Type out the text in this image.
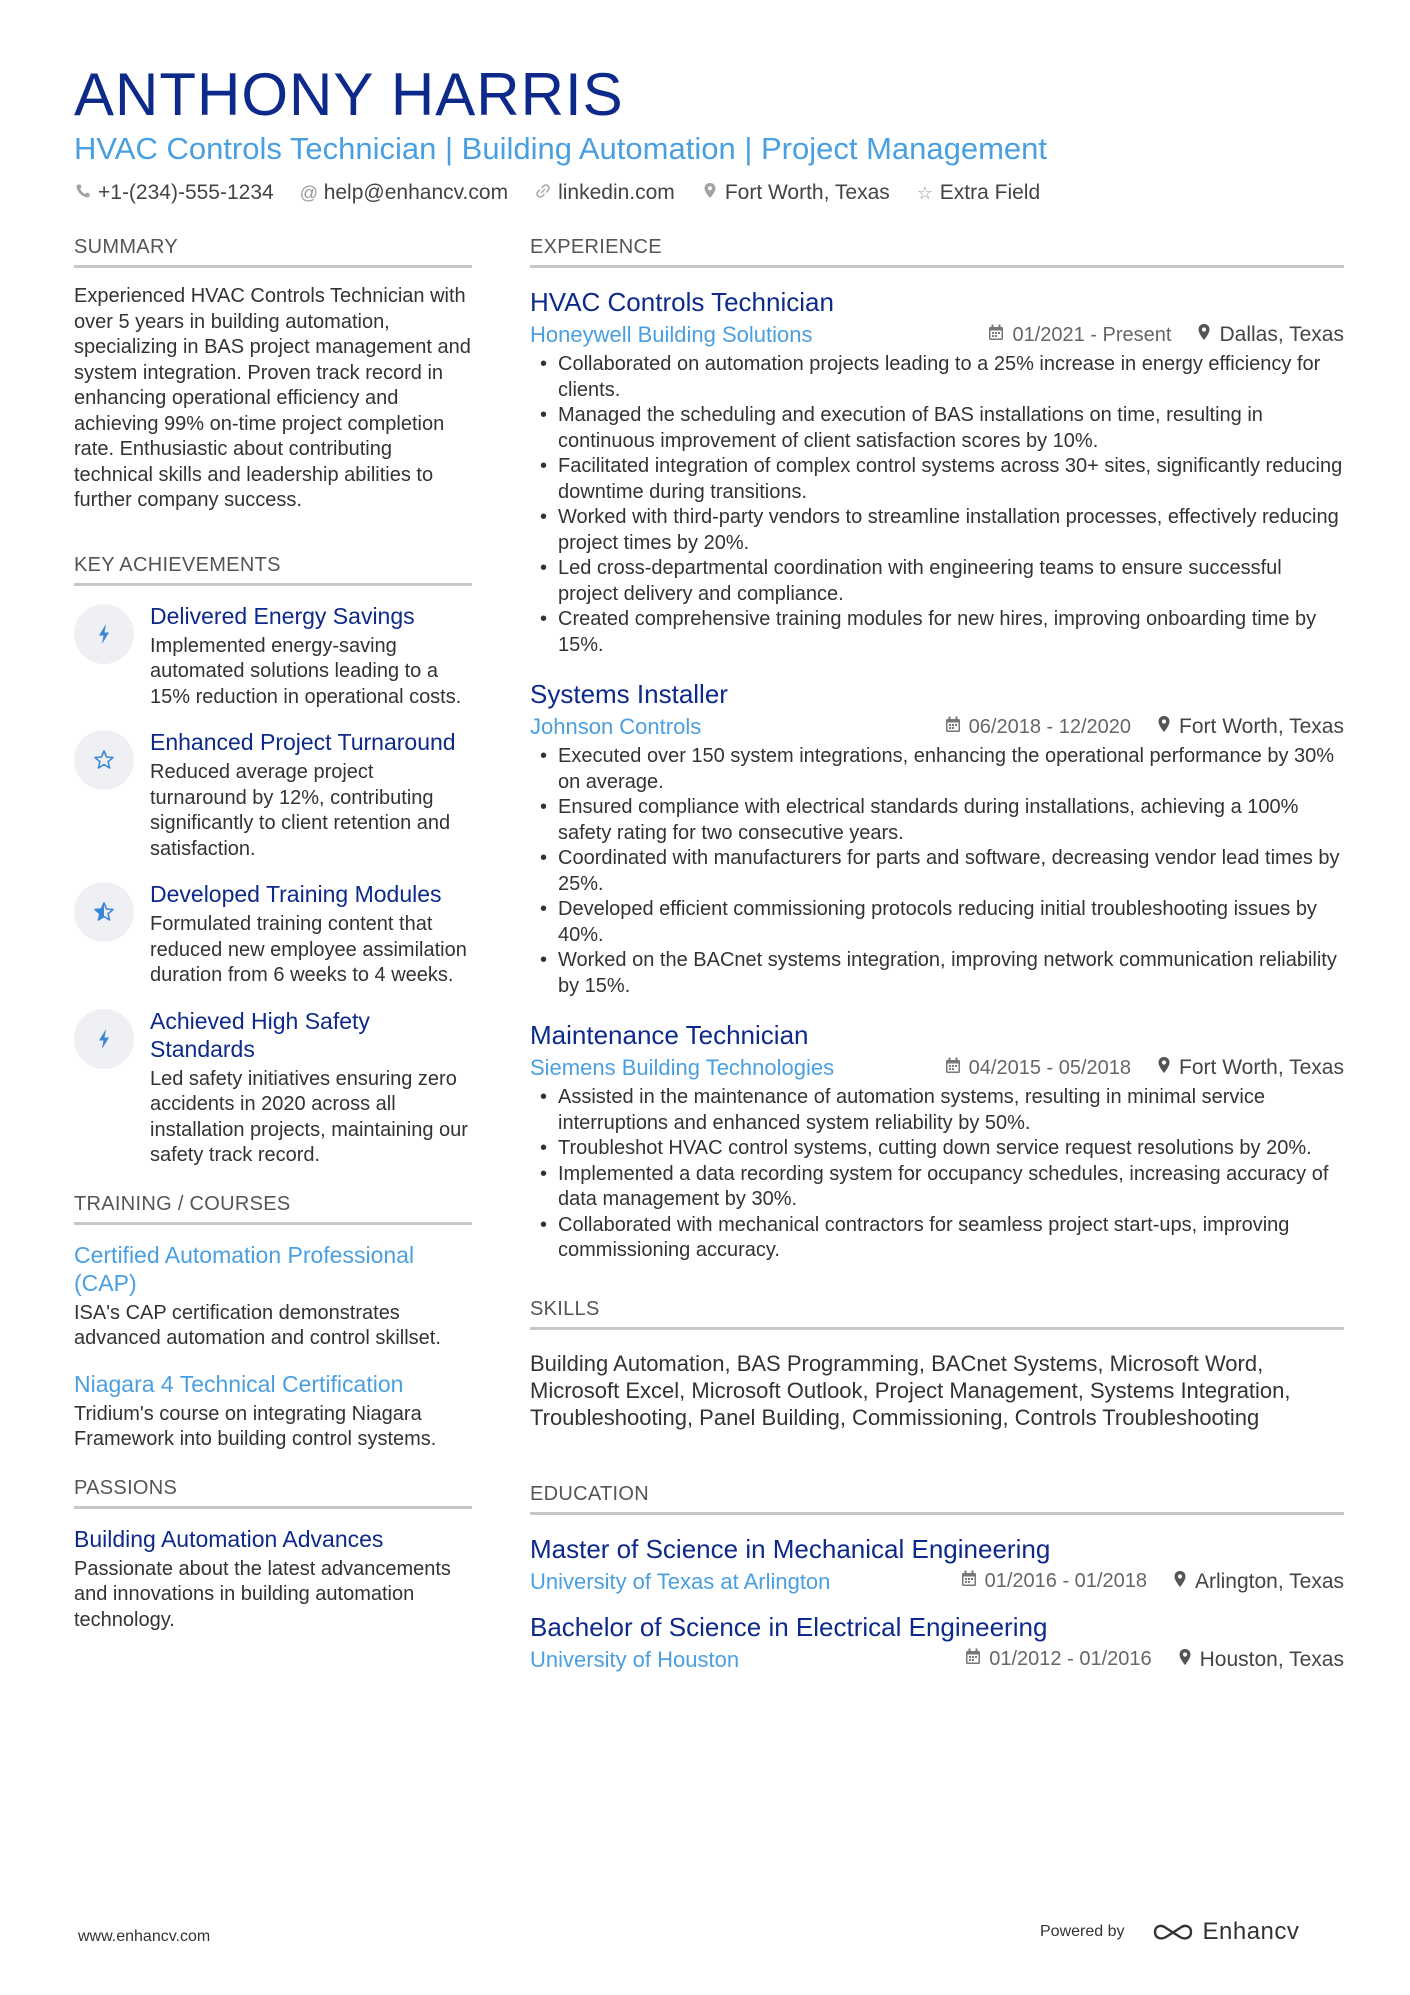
ANTHONY HARRIS
HVAC Controls Technician | Building Automation | Project Management
+1-(234)-555-1234 @ help@enhancv.com linkedin.com Fort Worth, Texas ☆ Extra Field
SUMMARY

Experienced HVAC Controls Technician with over 5 years in building automation, specializing in BAS project management and system integration. Proven track record in enhancing operational efficiency and achieving 99% on-time project completion rate. Enthusiastic about contributing technical skills and leadership abilities to further company success.

KEY ACHIEVEMENTS
Delivered Energy Savings
Implemented energy-saving automated solutions leading to a 15% reduction in operational costs.
Enhanced Project Turnaround
Reduced average project turnaround by 12%, contributing significantly to client retention and satisfaction.
Developed Training Modules
Formulated training content that reduced new employee assimilation duration from 6 weeks to 4 weeks.
Achieved High Safety Standards
Led safety initiatives ensuring zero accidents in 2020 across all installation projects, maintaining our safety track record.
TRAINING / COURSES
Certified Automation Professional (CAP)
ISA's CAP certification demonstrates advanced automation and control skillset.
Niagara 4 Technical Certification
Tridium's course on integrating Niagara Framework into building control systems.
PASSIONS
Building Automation Advances
Passionate about the latest advancements and innovations in building automation technology.
EXPERIENCE
HVAC Controls Technician
Honeywell Building Solutions	01/2021 - Present Dallas, Texas
• Collaborated on automation projects leading to a 25% increase in energy efficiency for clients.
• Managed the scheduling and execution of BAS installations on time, resulting in continuous improvement of client satisfaction scores by 10%.
• Facilitated integration of complex control systems across 30+ sites, significantly reducing downtime during transitions.
• Worked with third-party vendors to streamline installation processes, effectively reducing project times by 20%.
• Led cross-departmental coordination with engineering teams to ensure successful project delivery and compliance.
• Created comprehensive training modules for new hires, improving onboarding time by 15%.
Systems Installer
Johnson Controls	06/2018 - 12/2020 Fort Worth, Texas
• Executed over 150 system integrations, enhancing the operational performance by 30% on average.
• Ensured compliance with electrical standards during installations, achieving a 100% safety rating for two consecutive years.
• Coordinated with manufacturers for parts and software, decreasing vendor lead times by 25%.
• Developed efficient commissioning protocols reducing initial troubleshooting issues by 40%.
• Worked on the BACnet systems integration, improving network communication reliability by 15%.
Maintenance Technician
Siemens Building Technologies	04/2015 - 05/2018 Fort Worth, Texas
• Assisted in the maintenance of automation systems, resulting in minimal service interruptions and enhanced system reliability by 50%.
• Troubleshot HVAC control systems, cutting down service request resolutions by 20%.
• Implemented a data recording system for occupancy schedules, increasing accuracy of data management by 30%.
• Collaborated with mechanical contractors for seamless project start-ups, improving commissioning accuracy.
SKILLS

Building Automation, BAS Programming, BACnet Systems, Microsoft Word, Microsoft Excel, Microsoft Outlook, Project Management, Systems Integration, Troubleshooting, Panel Building, Commissioning, Controls Troubleshooting

EDUCATION
Master of Science in Mechanical Engineering
University of Texas at Arlington	01/2016 - 01/2018 Arlington, Texas
Bachelor of Science in Electrical Engineering
University of Houston	01/2012 - 01/2016 Houston, Texas
www.enhancv.com	Powered by	Enhancv
